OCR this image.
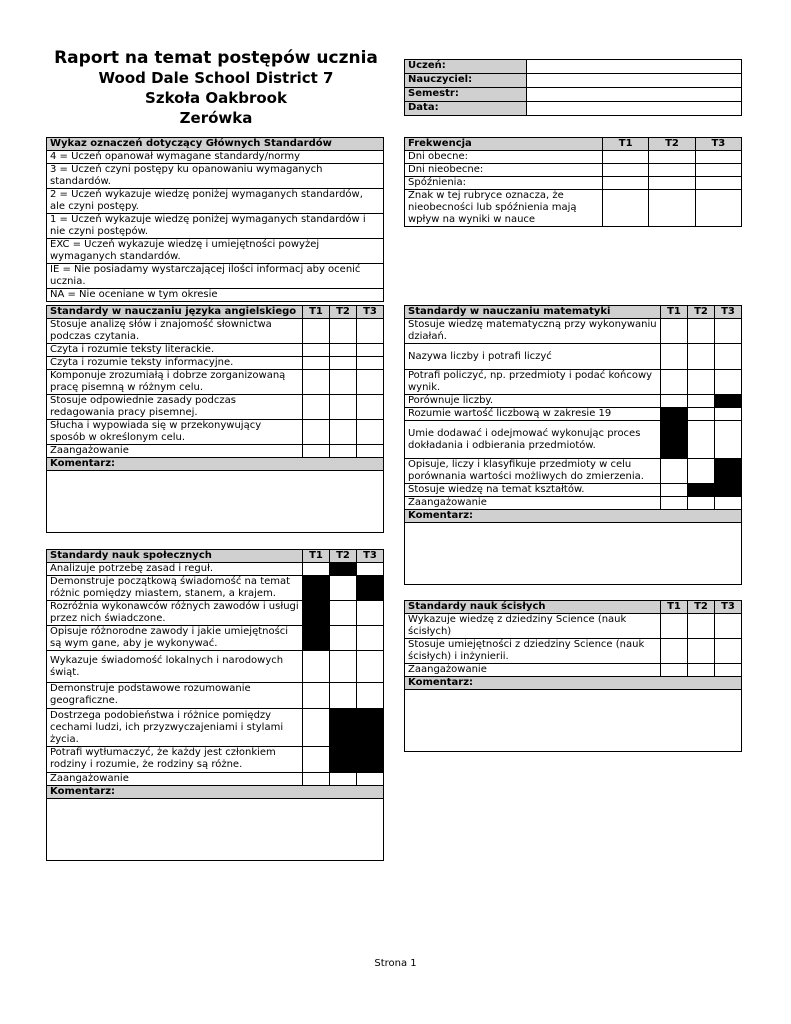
Raport na temat postępów ucznia
Wood Dale School District 7
Szkoła Oakbrook
Zerówka
Uczeń:	
Nauczyciel:	
Semestr:	
Data:	
Wykaz oznaczeń dotyczący Głównych Standardów
4 = Uczeń opanował wymagane standardy/normy
3 = Uczeń czyni postępy ku opanowaniu wymaganych standardów.
2 = Uczeń wykazuje wiedzę poniżej wymaganych standardów, ale czyni postępy.
1 = Uczeń wykazuje wiedzę poniżej wymaganych standardów i nie czyni postępów.
EXC = Uczeń wykazuje wiedzę i umiejętności powyżej wymaganych standardów.
IE = Nie posiadamy wystarczającej ilości informacj aby ocenić ucznia.
NA = Nie oceniane w tym okresie
Frekwencja	T1	T2	T3
Dni obecne:			
Dni nieobecne:			
Spóźnienia:			
Znak w tej rubryce oznacza, że nieobecności lub spóźnienia mają wpływ na wyniki w nauce			
Standardy w nauczaniu języka angielskiego	T1	T2	T3
Stosuje analizę słów i znajomość słownictwa podczas czytania.			
Czyta i rozumie teksty literackie.			
Czyta i rozumie teksty informacyjne.			
Komponuje zrozumiałą i dobrze zorganizowaną pracę pisemną w różnym celu.			
Stosuje odpowiednie zasady podczas redagowania pracy pisemnej.			
Słucha i wypowiada się w przekonywujący sposób w określonym celu.			
Zaangażowanie			
Komentarz:			

Standardy w nauczaniu matematyki	T1	T2	T3
Stosuje wiedzę matematyczną przy wykonywaniu działań.			
Nazywa liczby i potrafi liczyć			
Potrafi policzyć, np. przedmioty i podać końcowy wynik.			
Porównuje liczby.			
Rozumie wartość liczbową w zakresie 19			
Umie dodawać i odejmować wykonując proces dokładania i odbierania przedmiotów.			
Opisuje, liczy i klasyfikuje przedmioty w celu porównania wartości możliwych do zmierzenia.			
Stosuje wiedzę na temat kształtów.			
Zaangażowanie			
Komentarz:			

Standardy nauk społecznych	T1	T2	T3
Analizuje potrzebę zasad i reguł.			
Demonstruje początkową świadomość na temat różnic pomiędzy miastem, stanem, a krajem.			
Rozróżnia wykonawców różnych zawodów i usługi przez nich świadczone.			
Opisuje różnorodne zawody i jakie umiejętności są wym gane, aby je wykonywać.			
Wykazuje świadomość lokalnych i narodowych świąt.			
Demonstruje podstawowe rozumowanie geograficzne.			
Dostrzega podobieństwa i różnice pomiędzy cechami ludzi, ich przyzwyczajeniami i stylami życia.			
Potrafi wytłumaczyć, że każdy jest członkiem rodziny i rozumie, że rodziny są różne.			
Zaangażowanie			
Komentarz:			

Standardy nauk ścisłych	T1	T2	T3
Wykazuje wiedzę z dziedziny Science (nauk ścisłych)			
Stosuje umiejętności z dziedziny Science (nauk ścisłych) i inżynierii.			
Zaangażowanie			
Komentarz:			

Strona 1
